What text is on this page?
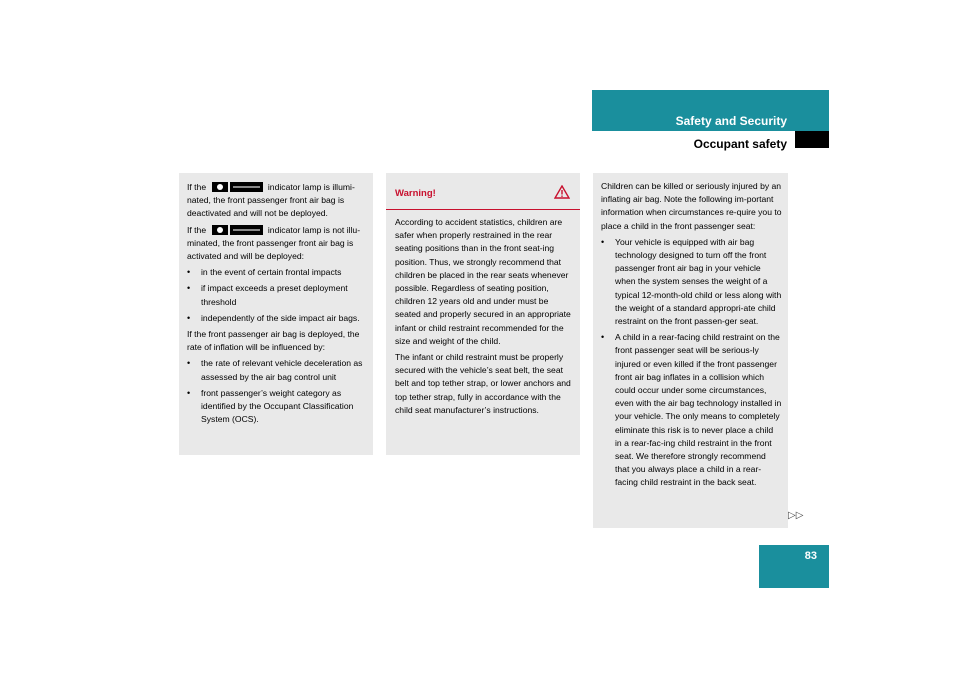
Safety and Security
Occupant safety

If the	indicator lamp is illumi-nated, the front passenger front air bag is deactivated and will not be deployed.

If the	indicator lamp is not illu-minated, the front passenger front air bag is activated and will be deployed:

• in the event of certain frontal impacts
• if impact exceeds a preset deployment threshold
• independently of the side impact air bags.

If the front passenger air bag is deployed, the rate of inflation will be influenced by:

• the rate of relevant vehicle deceleration as assessed by the air bag control unit
• front passenger’s weight category as identified by the Occupant Classification System (OCS).
Warning!

According to accident statistics, children are safer when properly restrained in the rear seating positions than in the front seat-ing position. Thus, we strongly recommend that children be placed in the rear seats whenever possible. Regardless of seating position, children 12 years old and under must be seated and properly secured in an appropriate infant or child restraint recommended for the size and weight of the child.

The infant or child restraint must be properly secured with the vehicle’s seat belt, the seat belt and top tether strap, or lower anchors and top tether strap, fully in accordance with the child seat manufacturer’s instructions.

Children can be killed or seriously injured by an inflating air bag. Note the following im-portant information when circumstances re-quire you to place a child in the front passenger seat:

• Your vehicle is equipped with air bag technology designed to turn off the front passenger front air bag in your vehicle when the system senses the weight of a typical 12-month-old child or less along with the weight of a standard appropri-ate child restraint on the front passen-ger seat.
• A child in a rear-facing child restraint on the front passenger seat will be serious-ly injured or even killed if the front passenger front air bag inflates in a collision which could occur under some circumstances, even with the air bag technology installed in your vehicle. The only means to completely eliminate this risk is to never place a child in a rear-fac-ing child restraint in the front seat. We therefore strongly recommend that you always place a child in a rear-facing child restraint in the back seat.
▷▷
83
